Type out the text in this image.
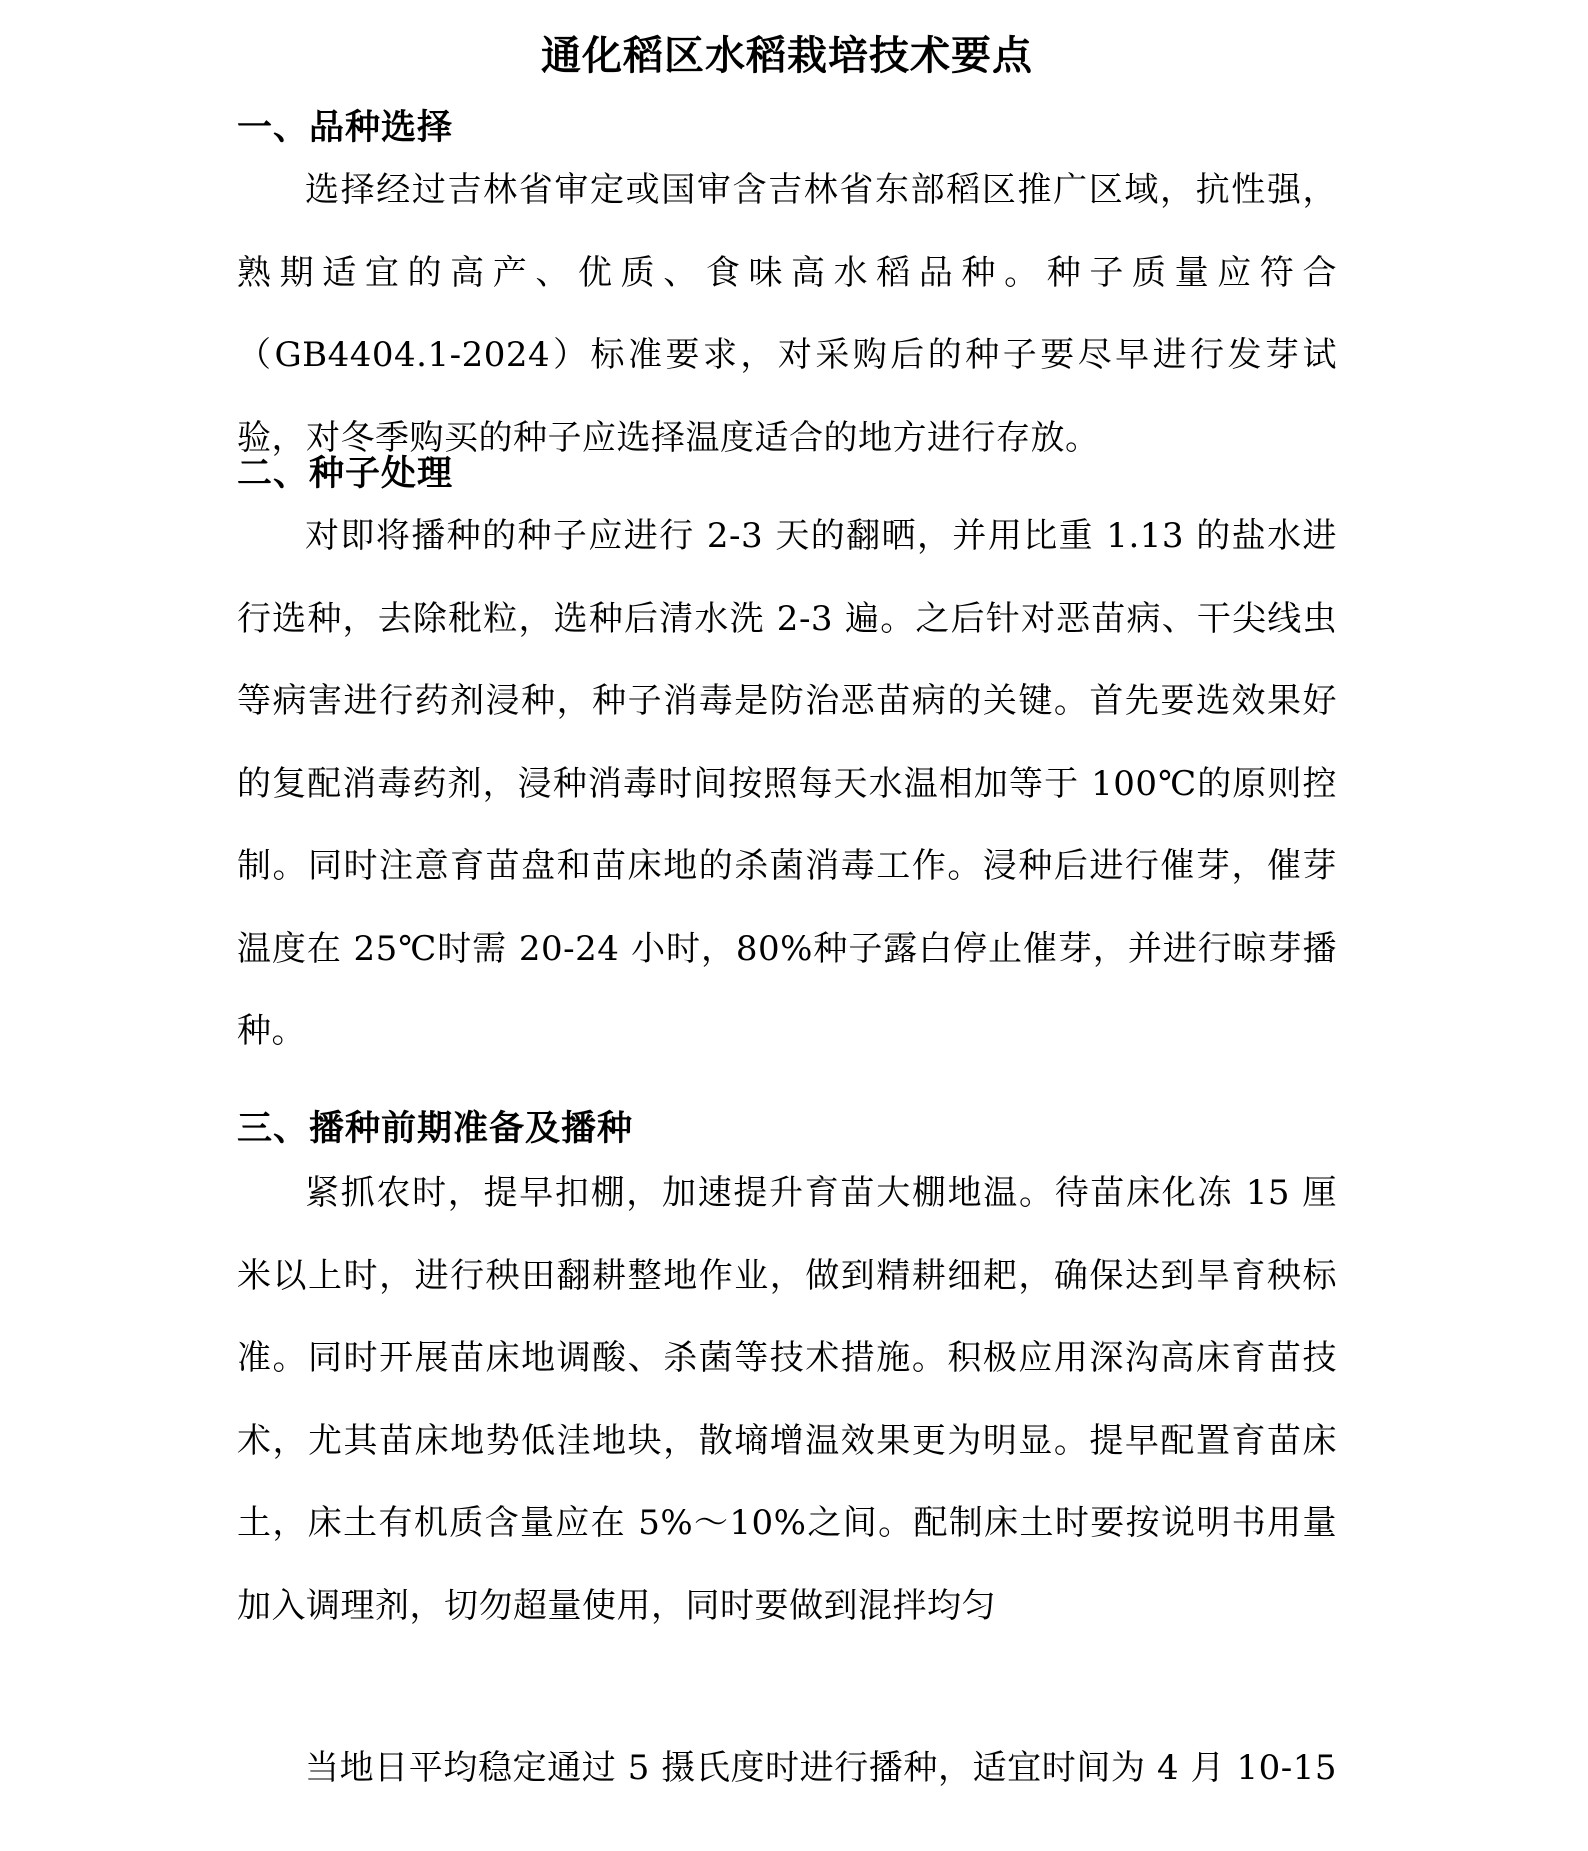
通化稻区水稻栽培技术要点
一、品种选择

选择经过吉林省审定或国审含吉林省东部稻区推广区域，抗性强，熟期适宜的高产、优质、食味高水稻品种。种子质量应符合（GB4404.1-2024）标准要求，对采购后的种子要尽早进行发芽试验，对冬季购买的种子应选择温度适合的地方进行存放。

二、种子处理

对即将播种的种子应进行 2-3 天的翻晒，并用比重 1.13 的盐水进行选种，去除秕粒，选种后清水洗 2-3 遍。之后针对恶苗病、干尖线虫等病害进行药剂浸种，种子消毒是防治恶苗病的关键。首先要选效果好的复配消毒药剂，浸种消毒时间按照每天水温相加等于 100℃的原则控制。同时注意育苗盘和苗床地的杀菌消毒工作。浸种后进行催芽，催芽温度在 25℃时需 20-24 小时，80%种子露白停止催芽，并进行晾芽播种。

三、播种前期准备及播种

紧抓农时，提早扣棚，加速提升育苗大棚地温。待苗床化冻 15 厘米以上时，进行秧田翻耕整地作业，做到精耕细耙，确保达到旱育秧标准。同时开展苗床地调酸、杀菌等技术措施。积极应用深沟高床育苗技术，尤其苗床地势低洼地块，散墒增温效果更为明显。提早配置育苗床土，床土有机质含量应在 5%～10%之间。配制床土时要按说明书用量加入调理剂，切勿超量使用，同时要做到混拌均匀

当地日平均稳定通过 5 摄氏度时进行播种，适宜时间为 4 月 10-15
